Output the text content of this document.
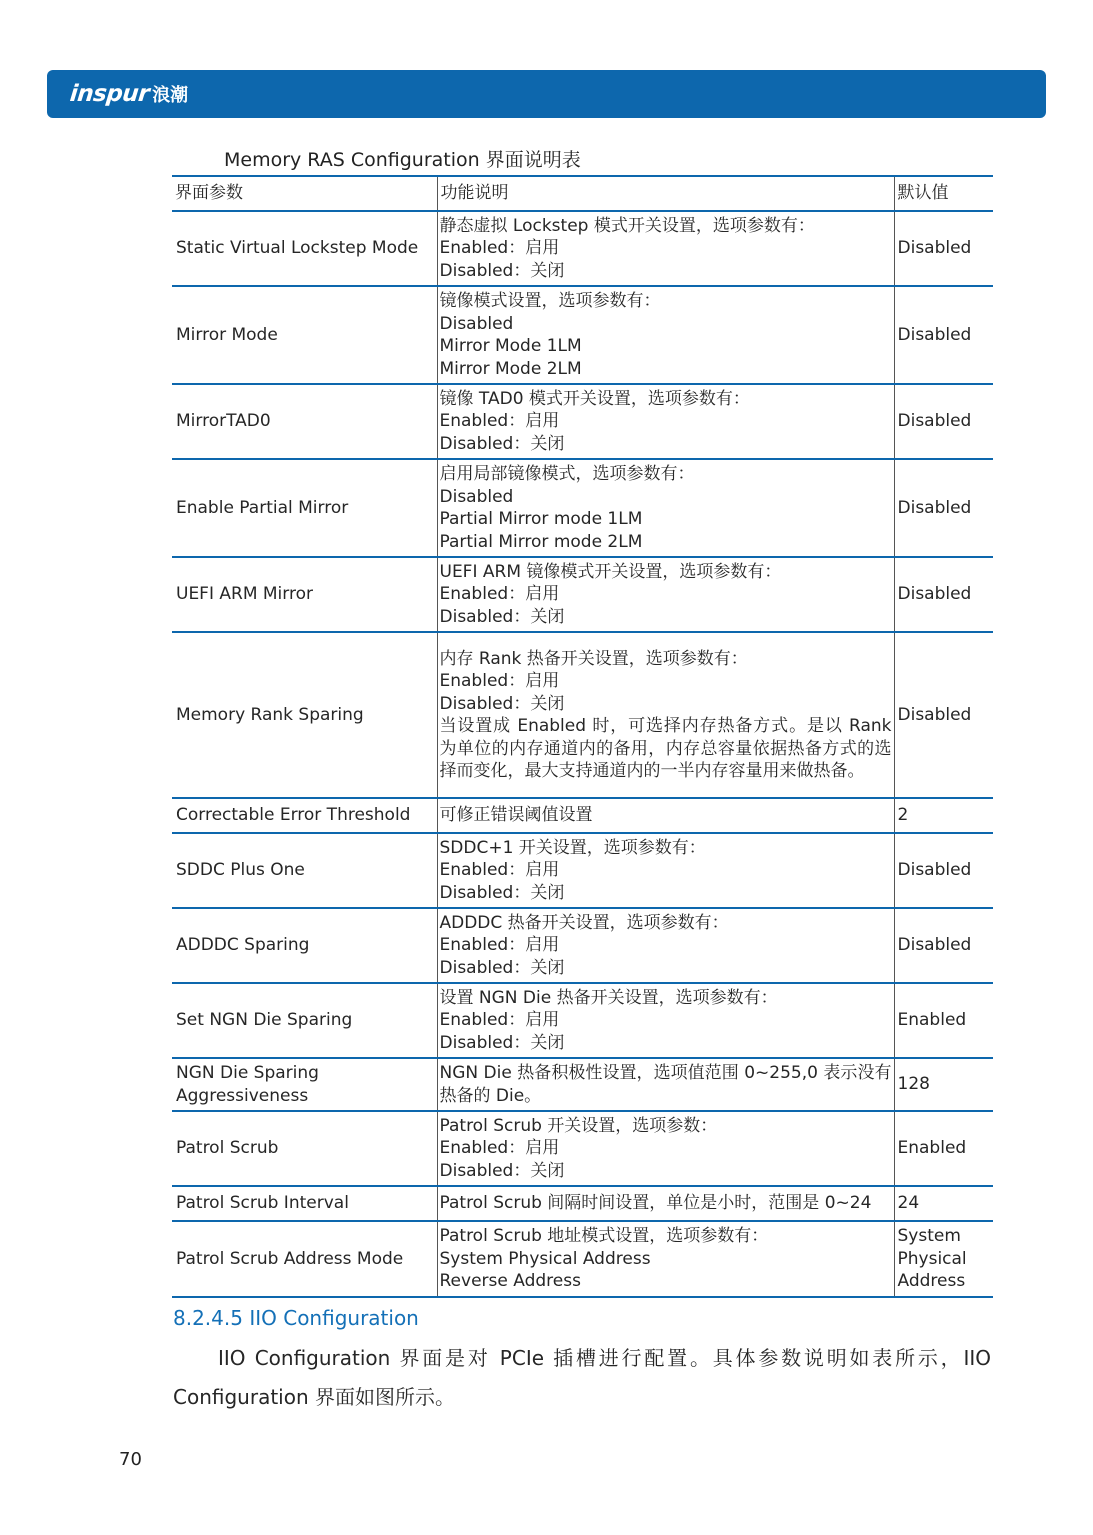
inspur 浪潮
Memory RAS Configuration 界面说明表
界面参数	功能说明	默认值
Static Virtual Lockstep Mode	静态虚拟 Lockstep 模式开关设置，选项参数有：
Enabled：启用
Disabled：关闭	Disabled
Mirror Mode	镜像模式设置，选项参数有：
Disabled
Mirror Mode 1LM
Mirror Mode 2LM	Disabled
MirrorTAD0	镜像 TAD0 模式开关设置，选项参数有：
Enabled：启用
Disabled：关闭	Disabled
Enable Partial Mirror	启用局部镜像模式，选项参数有：
Disabled
Partial Mirror mode 1LM
Partial Mirror mode 2LM	Disabled
UEFI ARM Mirror	UEFI ARM 镜像模式开关设置，选项参数有：
Enabled：启用
Disabled：关闭	Disabled
Memory Rank Sparing	内存 Rank 热备开关设置，选项参数有：
Enabled：启用
Disabled：关闭
当设置成 Enabled 时，可选择内存热备方式。是以 Rank 为单位的内存通道内的备用，内存总容量依据热备方式的选择而变化，最大支持通道内的一半内存容量用来做热备。	Disabled
Correctable Error Threshold	可修正错误阈值设置	2
SDDC Plus One	SDDC+1 开关设置，选项参数有：
Enabled：启用
Disabled：关闭	Disabled
ADDDC Sparing	ADDDC 热备开关设置，选项参数有：
Enabled：启用
Disabled：关闭	Disabled
Set NGN Die Sparing	设置 NGN Die 热备开关设置，选项参数有：
Enabled：启用
Disabled：关闭	Enabled
NGN Die Sparing Aggressiveness	NGN Die 热备积极性设置，选项值范围 0~255,0 表示没有热备的 Die。	128
Patrol Scrub	Patrol Scrub 开关设置，选项参数：
Enabled：启用
Disabled：关闭	Enabled
Patrol Scrub Interval	Patrol Scrub 间隔时间设置，单位是小时，范围是 0~24	24
Patrol Scrub Address Mode	Patrol Scrub 地址模式设置，选项参数有：
System Physical Address
Reverse Address	System Physical Address
8.2.4.5 IIO Configuration
IIO Configuration 界面是对 PCIe 插槽进行配置。具体参数说明如表所示，IIO Configuration 界面如图所示。
70
